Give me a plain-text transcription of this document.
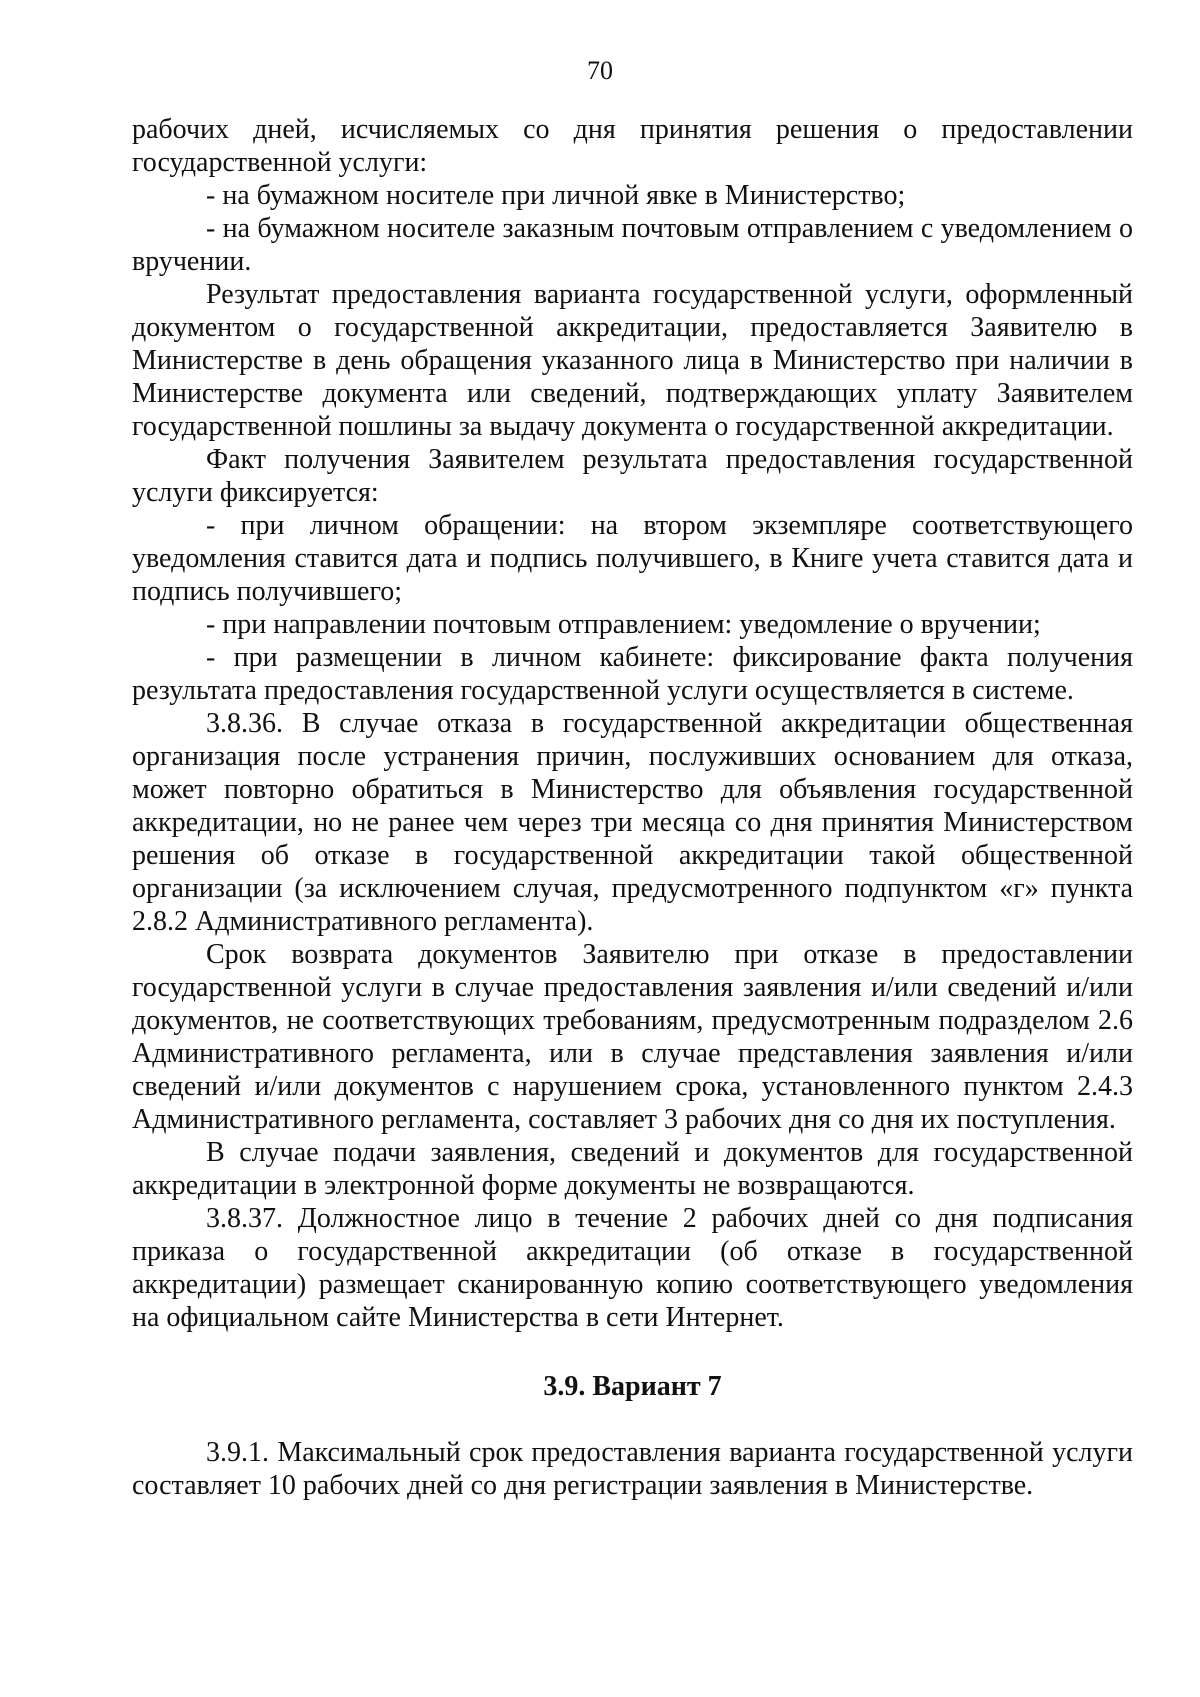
70

рабочих дней, исчисляемых со дня принятия решения о предоставлении государственной услуги:

- на бумажном носителе при личной явке в Министерство;

- на бумажном носителе заказным почтовым отправлением с уведомлением о вручении.

Результат предоставления варианта государственной услуги, оформленный документом о государственной аккредитации, предоставляется Заявителю в Министерстве в день обращения указанного лица в Министерство при наличии в Министерстве документа или сведений, подтверждающих уплату Заявителем государственной пошлины за выдачу документа о государственной аккредитации.

Факт получения Заявителем результата предоставления государственной услуги фиксируется:

- при личном обращении: на втором экземпляре соответствующего уведомления ставится дата и подпись получившего, в Книге учета ставится дата и подпись получившего;

- при направлении почтовым отправлением: уведомление о вручении;

- при размещении в личном кабинете: фиксирование факта получения результата предоставления государственной услуги осуществляется в системе.

3.8.36. В случае отказа в государственной аккредитации общественная организация после устранения причин, послуживших основанием для отказа, может повторно обратиться в Министерство для объявления государственной аккредитации, но не ранее чем через три месяца со дня принятия Министерством решения об отказе в государственной аккредитации такой общественной организации (за исключением случая, предусмотренного подпунктом «г» пункта 2.8.2 Административного регламента).

Срок возврата документов Заявителю при отказе в предоставлении государственной услуги в случае предоставления заявления и/или сведений и/или документов, не соответствующих требованиям, предусмотренным подразделом 2.6 Административного регламента, или в случае представления заявления и/или сведений и/или документов с нарушением срока, установленного пунктом 2.4.3 Административного регламента, составляет 3 рабочих дня со дня их поступления.

В случае подачи заявления, сведений и документов для государственной аккредитации в электронной форме документы не возвращаются.

3.8.37. Должностное лицо в течение 2 рабочих дней со дня подписания приказа о государственной аккредитации (об отказе в государственной аккредитации) размещает сканированную копию соответствующего уведомления на официальном сайте Министерства в сети Интернет.

3.9. Вариант 7

3.9.1. Максимальный срок предоставления варианта государственной услуги составляет 10 рабочих дней со дня регистрации заявления в Министерстве.
